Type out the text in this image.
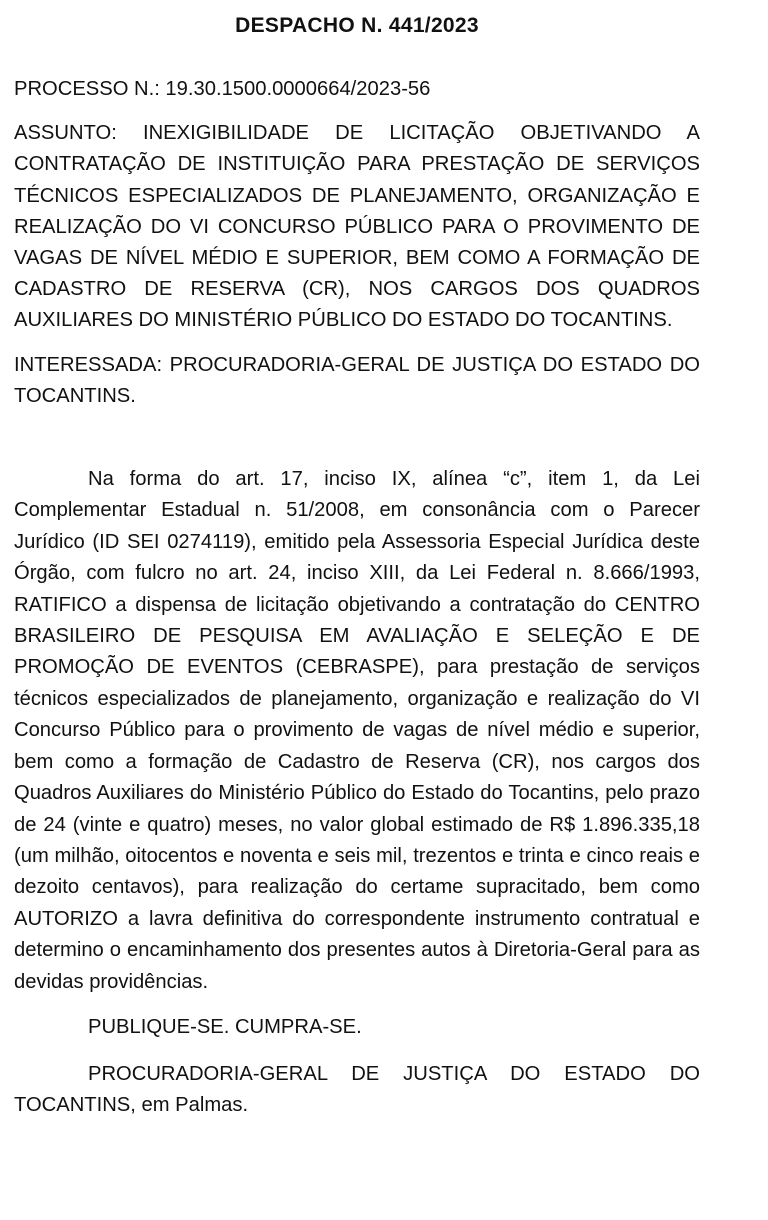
DESPACHO N. 441/2023

PROCESSO N.: 19.30.1500.0000664/2023-56

ASSUNTO: INEXIGIBILIDADE DE LICITAÇÃO OBJETIVANDO A CONTRATAÇÃO DE INSTITUIÇÃO PARA PRESTAÇÃO DE SERVIÇOS TÉCNICOS ESPECIALIZADOS DE PLANEJAMENTO, ORGANIZAÇÃO E REALIZAÇÃO DO VI CONCURSO PÚBLICO PARA O PROVIMENTO DE VAGAS DE NÍVEL MÉDIO E SUPERIOR, BEM COMO A FORMAÇÃO DE CADASTRO DE RESERVA (CR), NOS CARGOS DOS QUADROS AUXILIARES DO MINISTÉRIO PÚBLICO DO ESTADO DO TOCANTINS.

INTERESSADA: PROCURADORIA-GERAL DE JUSTIÇA DO ESTADO DO TOCANTINS.

Na forma do art. 17, inciso IX, alínea “c”, item 1, da Lei Complementar Estadual n. 51/2008, em consonância com o Parecer Jurídico (ID SEI 0274119), emitido pela Assessoria Especial Jurídica deste Órgão, com fulcro no art. 24, inciso XIII, da Lei Federal n. 8.666/1993, RATIFICO a dispensa de licitação objetivando a contratação do CENTRO BRASILEIRO DE PESQUISA EM AVALIAÇÃO E SELEÇÃO E DE PROMOÇÃO DE EVENTOS (CEBRASPE), para prestação de serviços técnicos especializados de planejamento, organização e realização do VI Concurso Público para o provimento de vagas de nível médio e superior, bem como a formação de Cadastro de Reserva (CR), nos cargos dos Quadros Auxiliares do Ministério Público do Estado do Tocantins, pelo prazo de 24 (vinte e quatro) meses, no valor global estimado de R$ 1.896.335,18 (um milhão, oitocentos e noventa e seis mil, trezentos e trinta e cinco reais e dezoito centavos), para realização do certame supracitado, bem como AUTORIZO a lavra definitiva do correspondente instrumento contratual e determino o encaminhamento dos presentes autos à Diretoria-Geral para as devidas providências.

PUBLIQUE-SE. CUMPRA-SE.

PROCURADORIA-GERAL DE JUSTIÇA DO ESTADO DO TOCANTINS, em Palmas.
